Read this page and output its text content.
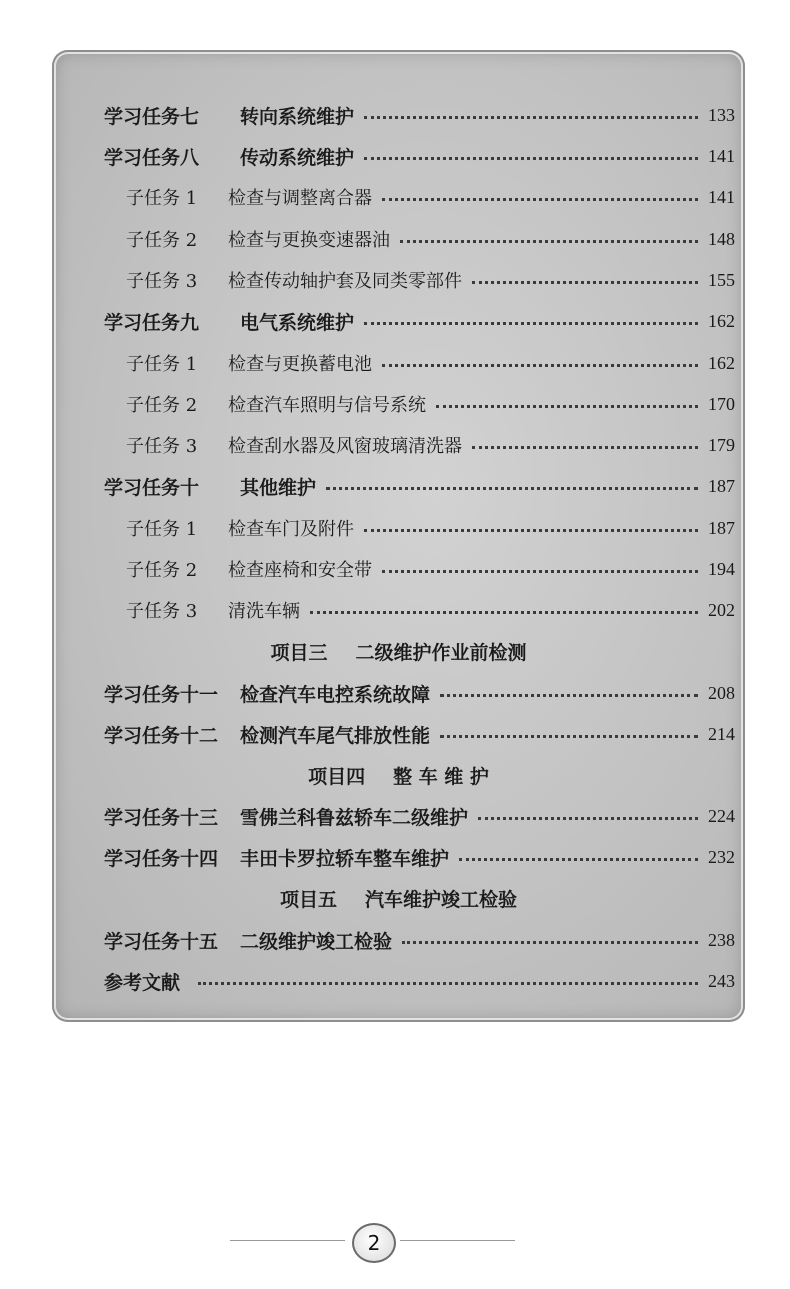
学习任务七	转向系统维护	133
学习任务八	传动系统维护	141
子任务 1	检查与调整离合器	141
子任务 2	检查与更换变速器油	148
子任务 3	检查传动轴护套及同类零部件	155
学习任务九	电气系统维护	162
子任务 1	检查与更换蓄电池	162
子任务 2	检查汽车照明与信号系统	170
子任务 3	检查刮水器及风窗玻璃清洗器	179
学习任务十	其他维护	187
子任务 1	检查车门及附件	187
子任务 2	检查座椅和安全带	194
子任务 3	清洗车辆	202
项目三 二级维护作业前检测
学习任务十一	检查汽车电控系统故障	208
学习任务十二	检测汽车尾气排放性能	214
项目四 整 车 维 护
学习任务十三	雪佛兰科鲁兹轿车二级维护	224
学习任务十四	丰田卡罗拉轿车整车维护	232
项目五 汽车维护竣工检验
学习任务十五	二级维护竣工检验	238
参考文献	243
2
